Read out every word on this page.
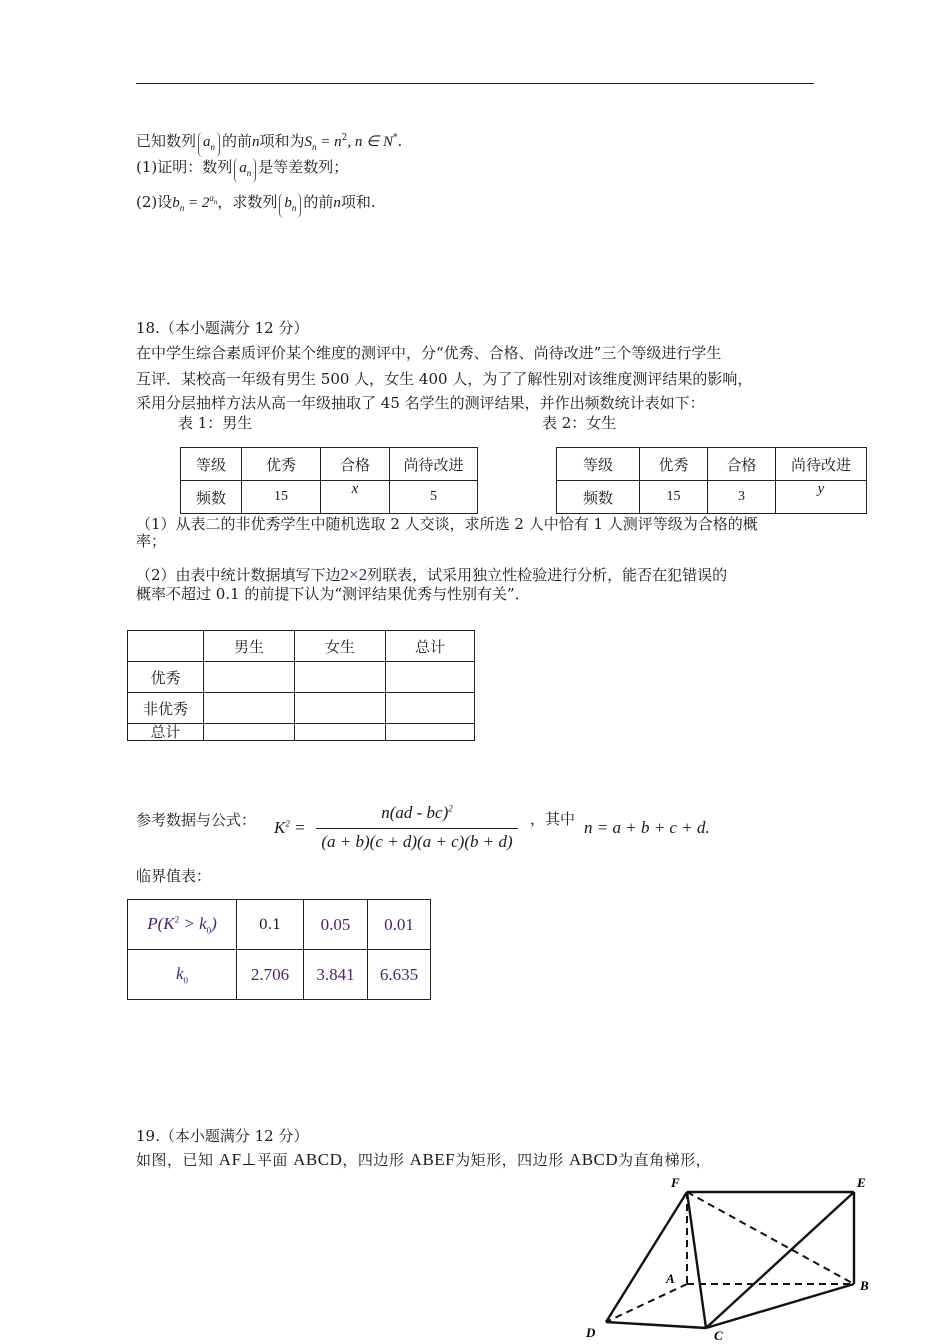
已知数列 $a_n$ 的前n项和为$S_n = n^2$, n ∈ N*.
(1)证明：数列 $a_n$ 是等差数列；
(2)设$b_n = 2^{a_n}$，求数列 $b_n$ 的前n项和.
18.（本小题满分 12 分）
在中学生综合素质评价某个维度的测评中，分“优秀、合格、尚待改进”三个等级进行学生
互评．某校高一年级有男生 500 人，女生 400 人，为了了解性别对该维度测评结果的影响，
采用分层抽样方法从高一年级抽取了 45 名学生的测评结果，并作出频数统计表如下：
表 1：男生	表 2：女生
等级	优秀	合格	尚待改进
频数	15	x	5
等级	优秀	合格	尚待改进
频数	15	3	y
（1）从表二的非优秀学生中随机选取 2 人交谈，求所选 2 人中恰有 1 人测评等级为合格的概
率；
（2）由表中统计数据填写下边2×2列联表，试采用独立性检验进行分析，能否在犯错误的
概率不超过 0.1 的前提下认为“测评结果优秀与性别有关”．
	男生	女生	总计
优秀			
非优秀			
总计			
参考数据与公式： $K^2$ =
n(ad - bc)$^2$
(a + b)(c + d)(a + c)(b + d)
，其中 n = a + b + c + d.
临界值表：
$P(K^2 > k_0)$	0.1	0.05	0.01
$k_0$	2.706	3.841	6.635
19.（本小题满分 12 分）
如图，已知 AF⊥平面 ABCD，四边形 ABEF为矩形，四边形 ABCD为直角梯形，
F	E
A	B
D	C
